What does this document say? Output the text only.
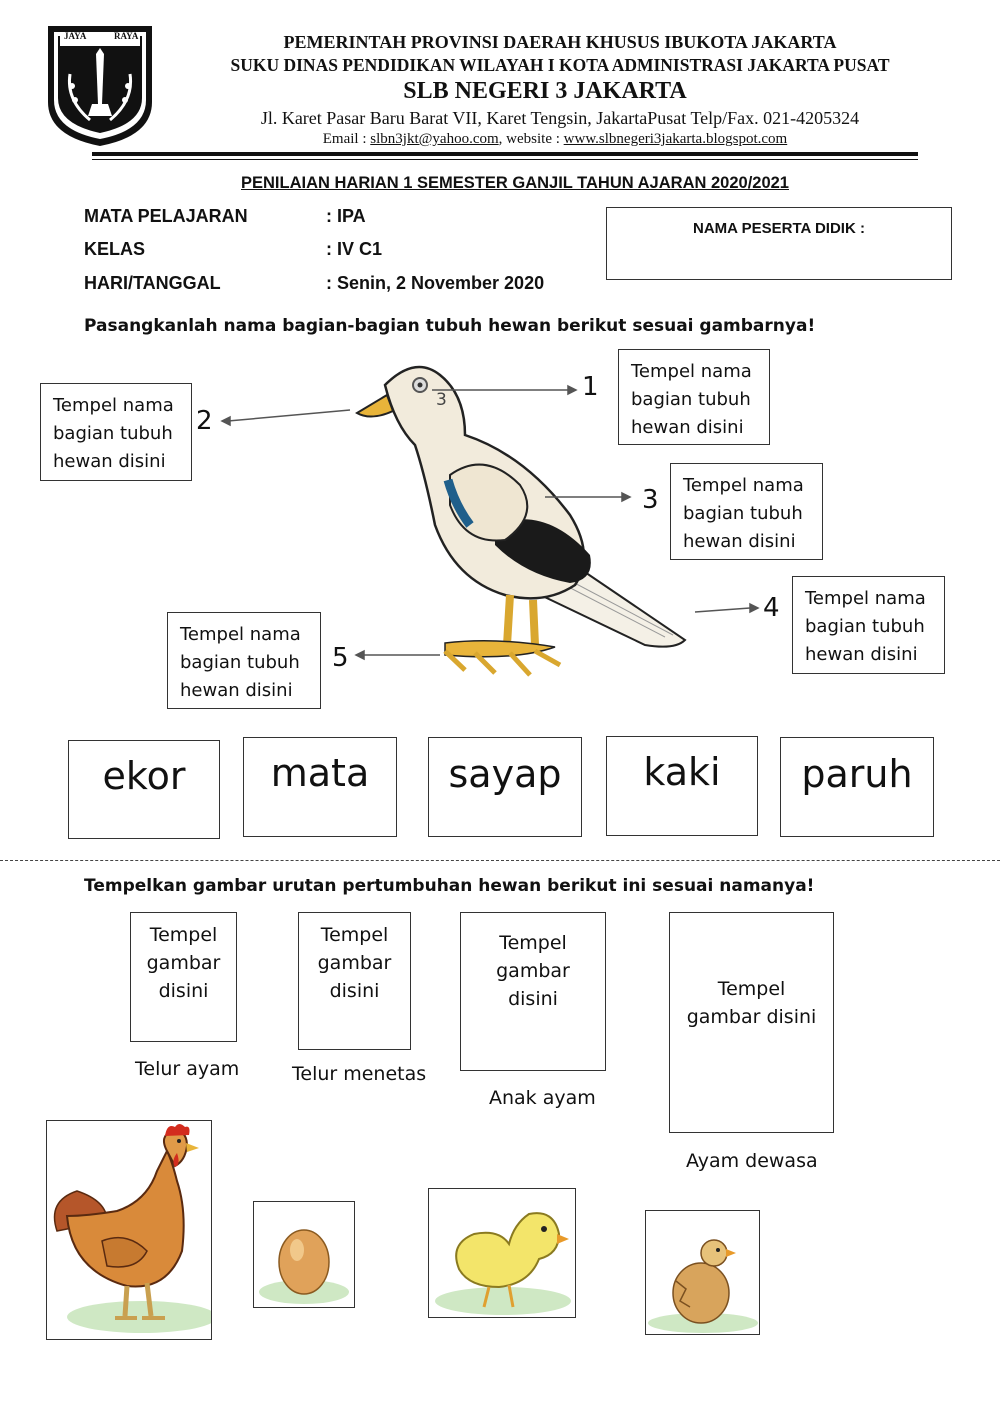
JAYA	RAYA	PEMERINTAH PROVINSI DAERAH KHUSUS IBUKOTA JAKARTA
SUKU DINAS PENDIDIKAN WILAYAH I KOTA ADMINISTRASI JAKARTA PUSAT
SLB NEGERI 3 JAKARTA
Jl. Karet Pasar Baru Barat VII, Karet Tengsin, JakartaPusat Telp/Fax. 021-4205324
Email : slbn3jkt@yahoo.com, website : www.slbnegeri3jakarta.blogspot.com
PENILAIAN HARIAN 1 SEMESTER GANJIL TAHUN AJARAN 2020/2021
MATA PELAJARAN	: IPA
KELAS	: IV C1
HARI/TANGGAL	: Senin, 2 November 2020
NAMA PESERTA DIDIK :
Pasangkanlah nama bagian-bagian tubuh hewan berikut sesuai gambarnya!
1
2
3
4
5
3
Tempel nama
bagian tubuh
hewan disini
Tempel nama
bagian tubuh
hewan disini
Tempel nama
bagian tubuh
hewan disini
Tempel nama
bagian tubuh
hewan disini
Tempel nama
bagian tubuh
hewan disini
ekor	mata	sayap	kaki	paruh
Tempelkan gambar urutan pertumbuhan hewan berikut ini sesuai namanya!
Tempel
gambar
disini
Tempel
gambar
disini
Tempel
gambar
disini	Tempel
gambar disini
Telur ayam	Telur menetas
Anak ayam
Ayam dewasa
